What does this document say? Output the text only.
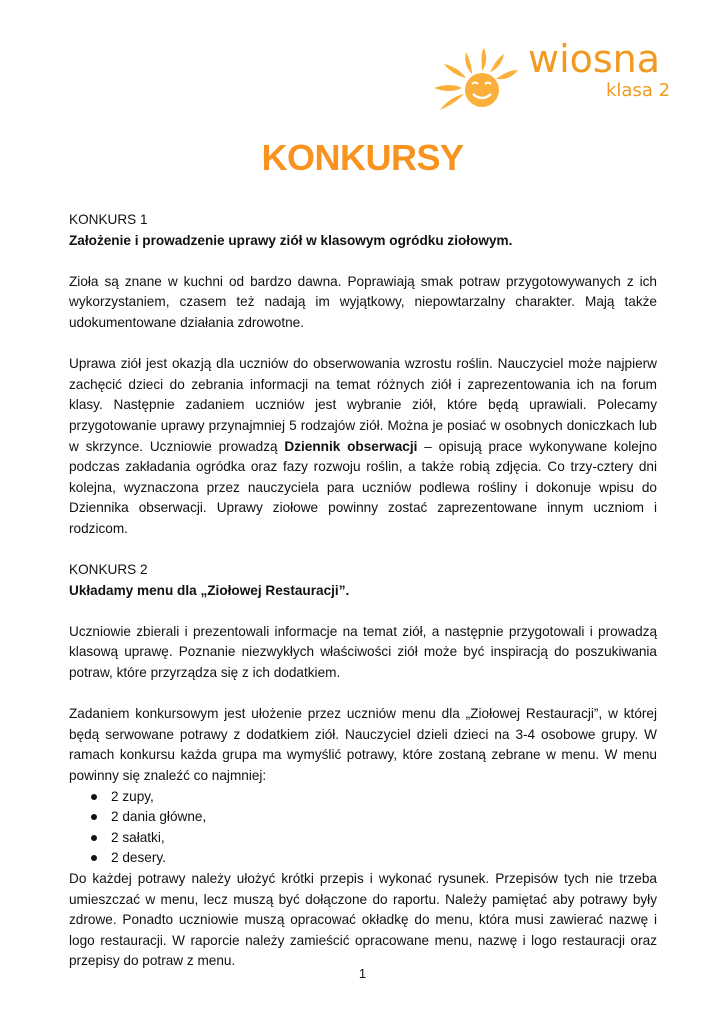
wiosna
klasa 2
KONKURSY

KONKURS 1

Założenie i prowadzenie uprawy ziół w klasowym ogródku ziołowym.

Zioła są znane w kuchni od bardzo dawna. Poprawiają smak potraw przygotowywanych z ich wykorzystaniem, czasem też nadają im wyjątkowy, niepowtarzalny charakter. Mają także udokumentowane działania zdrowotne.

Uprawa ziół jest okazją dla uczniów do obserwowania wzrostu roślin. Nauczyciel może najpierw zachęcić dzieci do zebrania informacji na temat różnych ziół i zaprezentowania ich na forum klasy. Następnie zadaniem uczniów jest wybranie ziół, które będą uprawiali. Polecamy przygotowanie uprawy przynajmniej 5 rodzajów ziół. Można je posiać w osobnych doniczkach lub w skrzynce. Uczniowie prowadzą Dziennik obserwacji – opisują prace wykonywane kolejno podczas zakładania ogródka oraz fazy rozwoju roślin, a także robią zdjęcia. Co trzy-cztery dni kolejna, wyznaczona przez nauczyciela para uczniów podlewa rośliny i dokonuje wpisu do Dziennika obserwacji. Uprawy ziołowe powinny zostać zaprezentowane innym uczniom i rodzicom.

KONKURS 2

Układamy menu dla „Ziołowej Restauracji”.

Uczniowie zbierali i prezentowali informacje na temat ziół, a następnie przygotowali i prowadzą klasową uprawę. Poznanie niezwykłych właściwości ziół może być inspiracją do poszukiwania potraw, które przyrządza się z ich dodatkiem.

Zadaniem konkursowym jest ułożenie przez uczniów menu dla „Ziołowej Restauracji”, w której będą serwowane potrawy z dodatkiem ziół. Nauczyciel dzieli dzieci na 3-4 osobowe grupy. W ramach konkursu każda grupa ma wymyślić potrawy, które zostaną zebrane w menu. W menu powinny się znaleźć co najmniej:

2 zupy,
2 dania główne,
2 sałatki,
2 desery.

Do każdej potrawy należy ułożyć krótki przepis i wykonać rysunek. Przepisów tych nie trzeba umieszczać w menu, lecz muszą być dołączone do raportu. Należy pamiętać aby potrawy były zdrowe. Ponadto uczniowie muszą opracować okładkę do menu, która musi zawierać nazwę i logo restauracji. W raporcie należy zamieścić opracowane menu, nazwę i logo restauracji oraz przepisy do potraw z menu.

1
